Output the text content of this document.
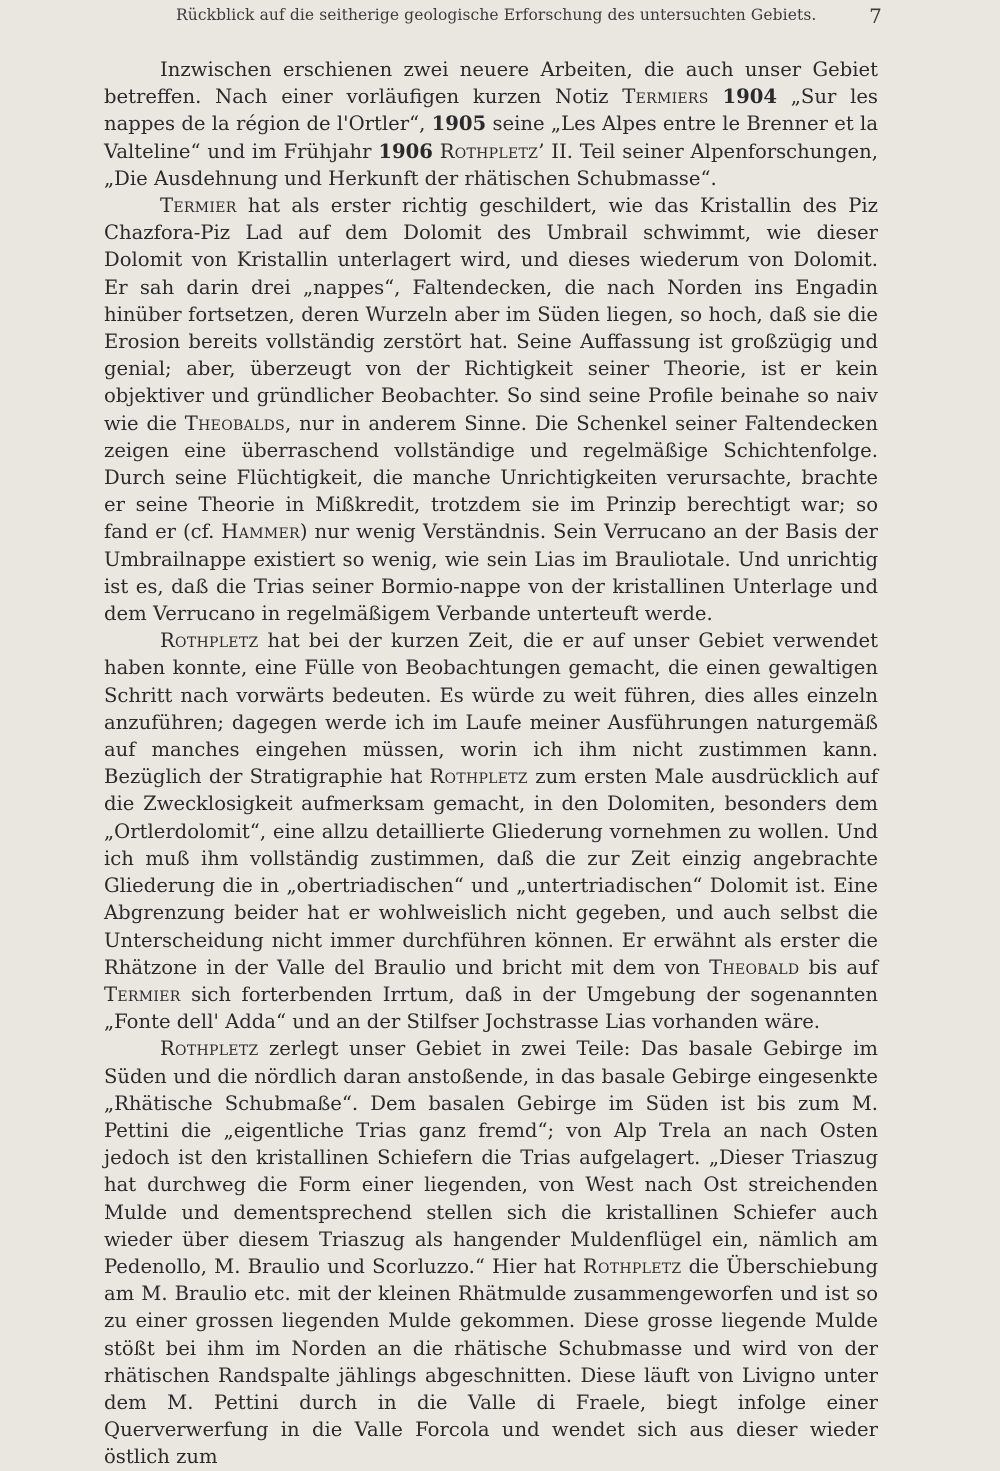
Rückblick auf die seitherige geologische Erforschung des untersuchten Gebiets.	7

Inzwischen erschienen zwei neuere Arbeiten, die auch unser Gebiet betreffen. Nach einer vorläufigen kurzen Notiz Termiers 1904 „Sur les nappes de la région de l'Ortler“, 1905 seine „Les Alpes entre le Brenner et la Valteline“ und im Frühjahr 1906 Rothpletz’ II. Teil seiner Alpenforschungen, „Die Ausdehnung und Herkunft der rhätischen Schubmasse“.

Termier hat als erster richtig geschildert, wie das Kristallin des Piz Chazfora-Piz Lad auf dem Dolomit des Umbrail schwimmt, wie dieser Dolomit von Kristallin unterlagert wird, und dieses wiederum von Dolomit. Er sah darin drei „nappes“, Faltendecken, die nach Norden ins Engadin hinüber fortsetzen, deren Wurzeln aber im Süden liegen, so hoch, daß sie die Erosion bereits vollständig zerstört hat. Seine Auffassung ist großzügig und genial; aber, überzeugt von der Richtigkeit seiner Theorie, ist er kein objektiver und gründlicher Beobachter. So sind seine Profile beinahe so naiv wie die Theobalds, nur in anderem Sinne. Die Schenkel seiner Faltendecken zeigen eine überraschend vollständige und regelmäßige Schichtenfolge. Durch seine Flüchtigkeit, die manche Unrichtigkeiten verursachte, brachte er seine Theorie in Mißkredit, trotzdem sie im Prinzip berechtigt war; so fand er (cf. Hammer) nur wenig Verständnis. Sein Verrucano an der Basis der Umbrailnappe existiert so wenig, wie sein Lias im Brauliotale. Und unrichtig ist es, daß die Trias seiner Bormio-nappe von der kristallinen Unterlage und dem Verrucano in regelmäßigem Verbande unterteuft werde.

Rothpletz hat bei der kurzen Zeit, die er auf unser Gebiet verwendet haben konnte, eine Fülle von Beobachtungen gemacht, die einen gewaltigen Schritt nach vorwärts bedeuten. Es würde zu weit führen, dies alles einzeln anzuführen; dagegen werde ich im Laufe meiner Ausführungen naturgemäß auf manches eingehen müssen, worin ich ihm nicht zustimmen kann. Bezüglich der Stratigraphie hat Rothpletz zum ersten Male ausdrücklich auf die Zwecklosigkeit aufmerksam gemacht, in den Dolomiten, besonders dem „Ortlerdolomit“, eine allzu detaillierte Gliederung vornehmen zu wollen. Und ich muß ihm vollständig zustimmen, daß die zur Zeit einzig angebrachte Gliederung die in „obertriadischen“ und „untertriadischen“ Dolomit ist. Eine Abgrenzung beider hat er wohlweislich nicht gegeben, und auch selbst die Unterscheidung nicht immer durchführen können. Er erwähnt als erster die Rhätzone in der Valle del Braulio und bricht mit dem von Theobald bis auf Termier sich forterbenden Irrtum, daß in der Umgebung der sogenannten „Fonte dell' Adda“ und an der Stilfser Jochstrasse Lias vorhanden wäre.

Rothpletz zerlegt unser Gebiet in zwei Teile: Das basale Gebirge im Süden und die nördlich daran anstoßende, in das basale Gebirge eingesenkte „Rhätische Schubmaße“. Dem basalen Gebirge im Süden ist bis zum M. Pettini die „eigentliche Trias ganz fremd“; von Alp Trela an nach Osten jedoch ist den kristallinen Schiefern die Trias aufgelagert. „Dieser Triaszug hat durchweg die Form einer liegenden, von West nach Ost streichenden Mulde und dementsprechend stellen sich die kristallinen Schiefer auch wieder über diesem Triaszug als hangender Muldenflügel ein, nämlich am Pedenollo, M. Braulio und Scorluzzo.“ Hier hat Rothpletz die Überschiebung am M. Braulio etc. mit der kleinen Rhätmulde zusammengeworfen und ist so zu einer grossen liegenden Mulde gekommen. Diese grosse liegende Mulde stößt bei ihm im Norden an die rhätische Schubmasse und wird von der rhätischen Randspalte jählings abgeschnitten. Diese läuft von Livigno unter dem M. Pettini durch in die Valle di Fraele, biegt infolge einer Querverwerfung in die Valle Forcola und wendet sich aus dieser wieder östlich zum
